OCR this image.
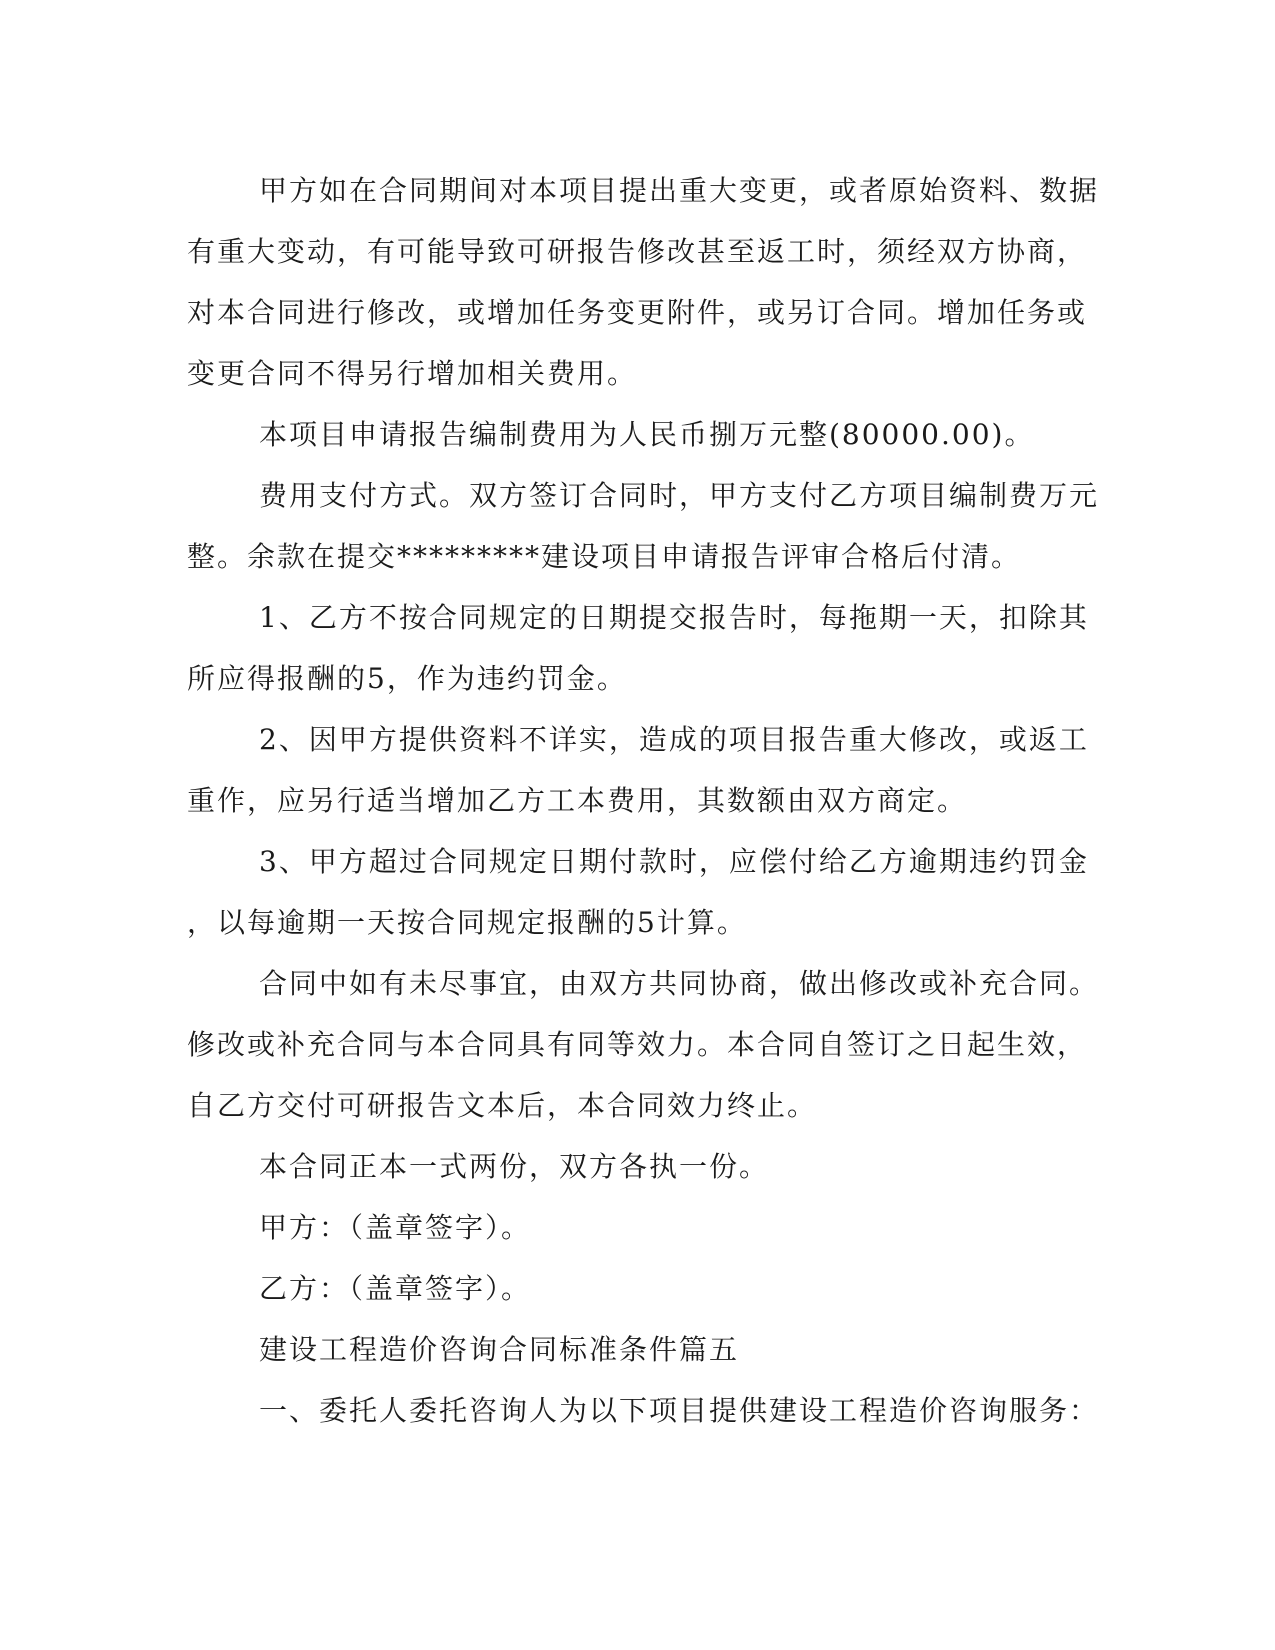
甲方如在合同期间对本项目提出重大变更，或者原始资料、数据
有重大变动，有可能导致可研报告修改甚至返工时，须经双方协商，
对本合同进行修改，或增加任务变更附件，或另订合同。增加任务或
变更合同不得另行增加相关费用。
本项目申请报告编制费用为人民币捌万元整(80000.00)。
费用支付方式。双方签订合同时，甲方支付乙方项目编制费万元
整。余款在提交*********建设项目申请报告评审合格后付清。
1、乙方不按合同规定的日期提交报告时，每拖期一天，扣除其
所应得报酬的5，作为违约罚金。
2、因甲方提供资料不详实，造成的项目报告重大修改，或返工
重作，应另行适当增加乙方工本费用，其数额由双方商定。
3、甲方超过合同规定日期付款时，应偿付给乙方逾期违约罚金
，以每逾期一天按合同规定报酬的5计算。
合同中如有未尽事宜，由双方共同协商，做出修改或补充合同。
修改或补充合同与本合同具有同等效力。本合同自签订之日起生效，
自乙方交付可研报告文本后，本合同效力终止。
本合同正本一式两份，双方各执一份。
甲方：（盖章签字）。
乙方：（盖章签字）。
建设工程造价咨询合同标准条件篇五
一、委托人委托咨询人为以下项目提供建设工程造价咨询服务：
